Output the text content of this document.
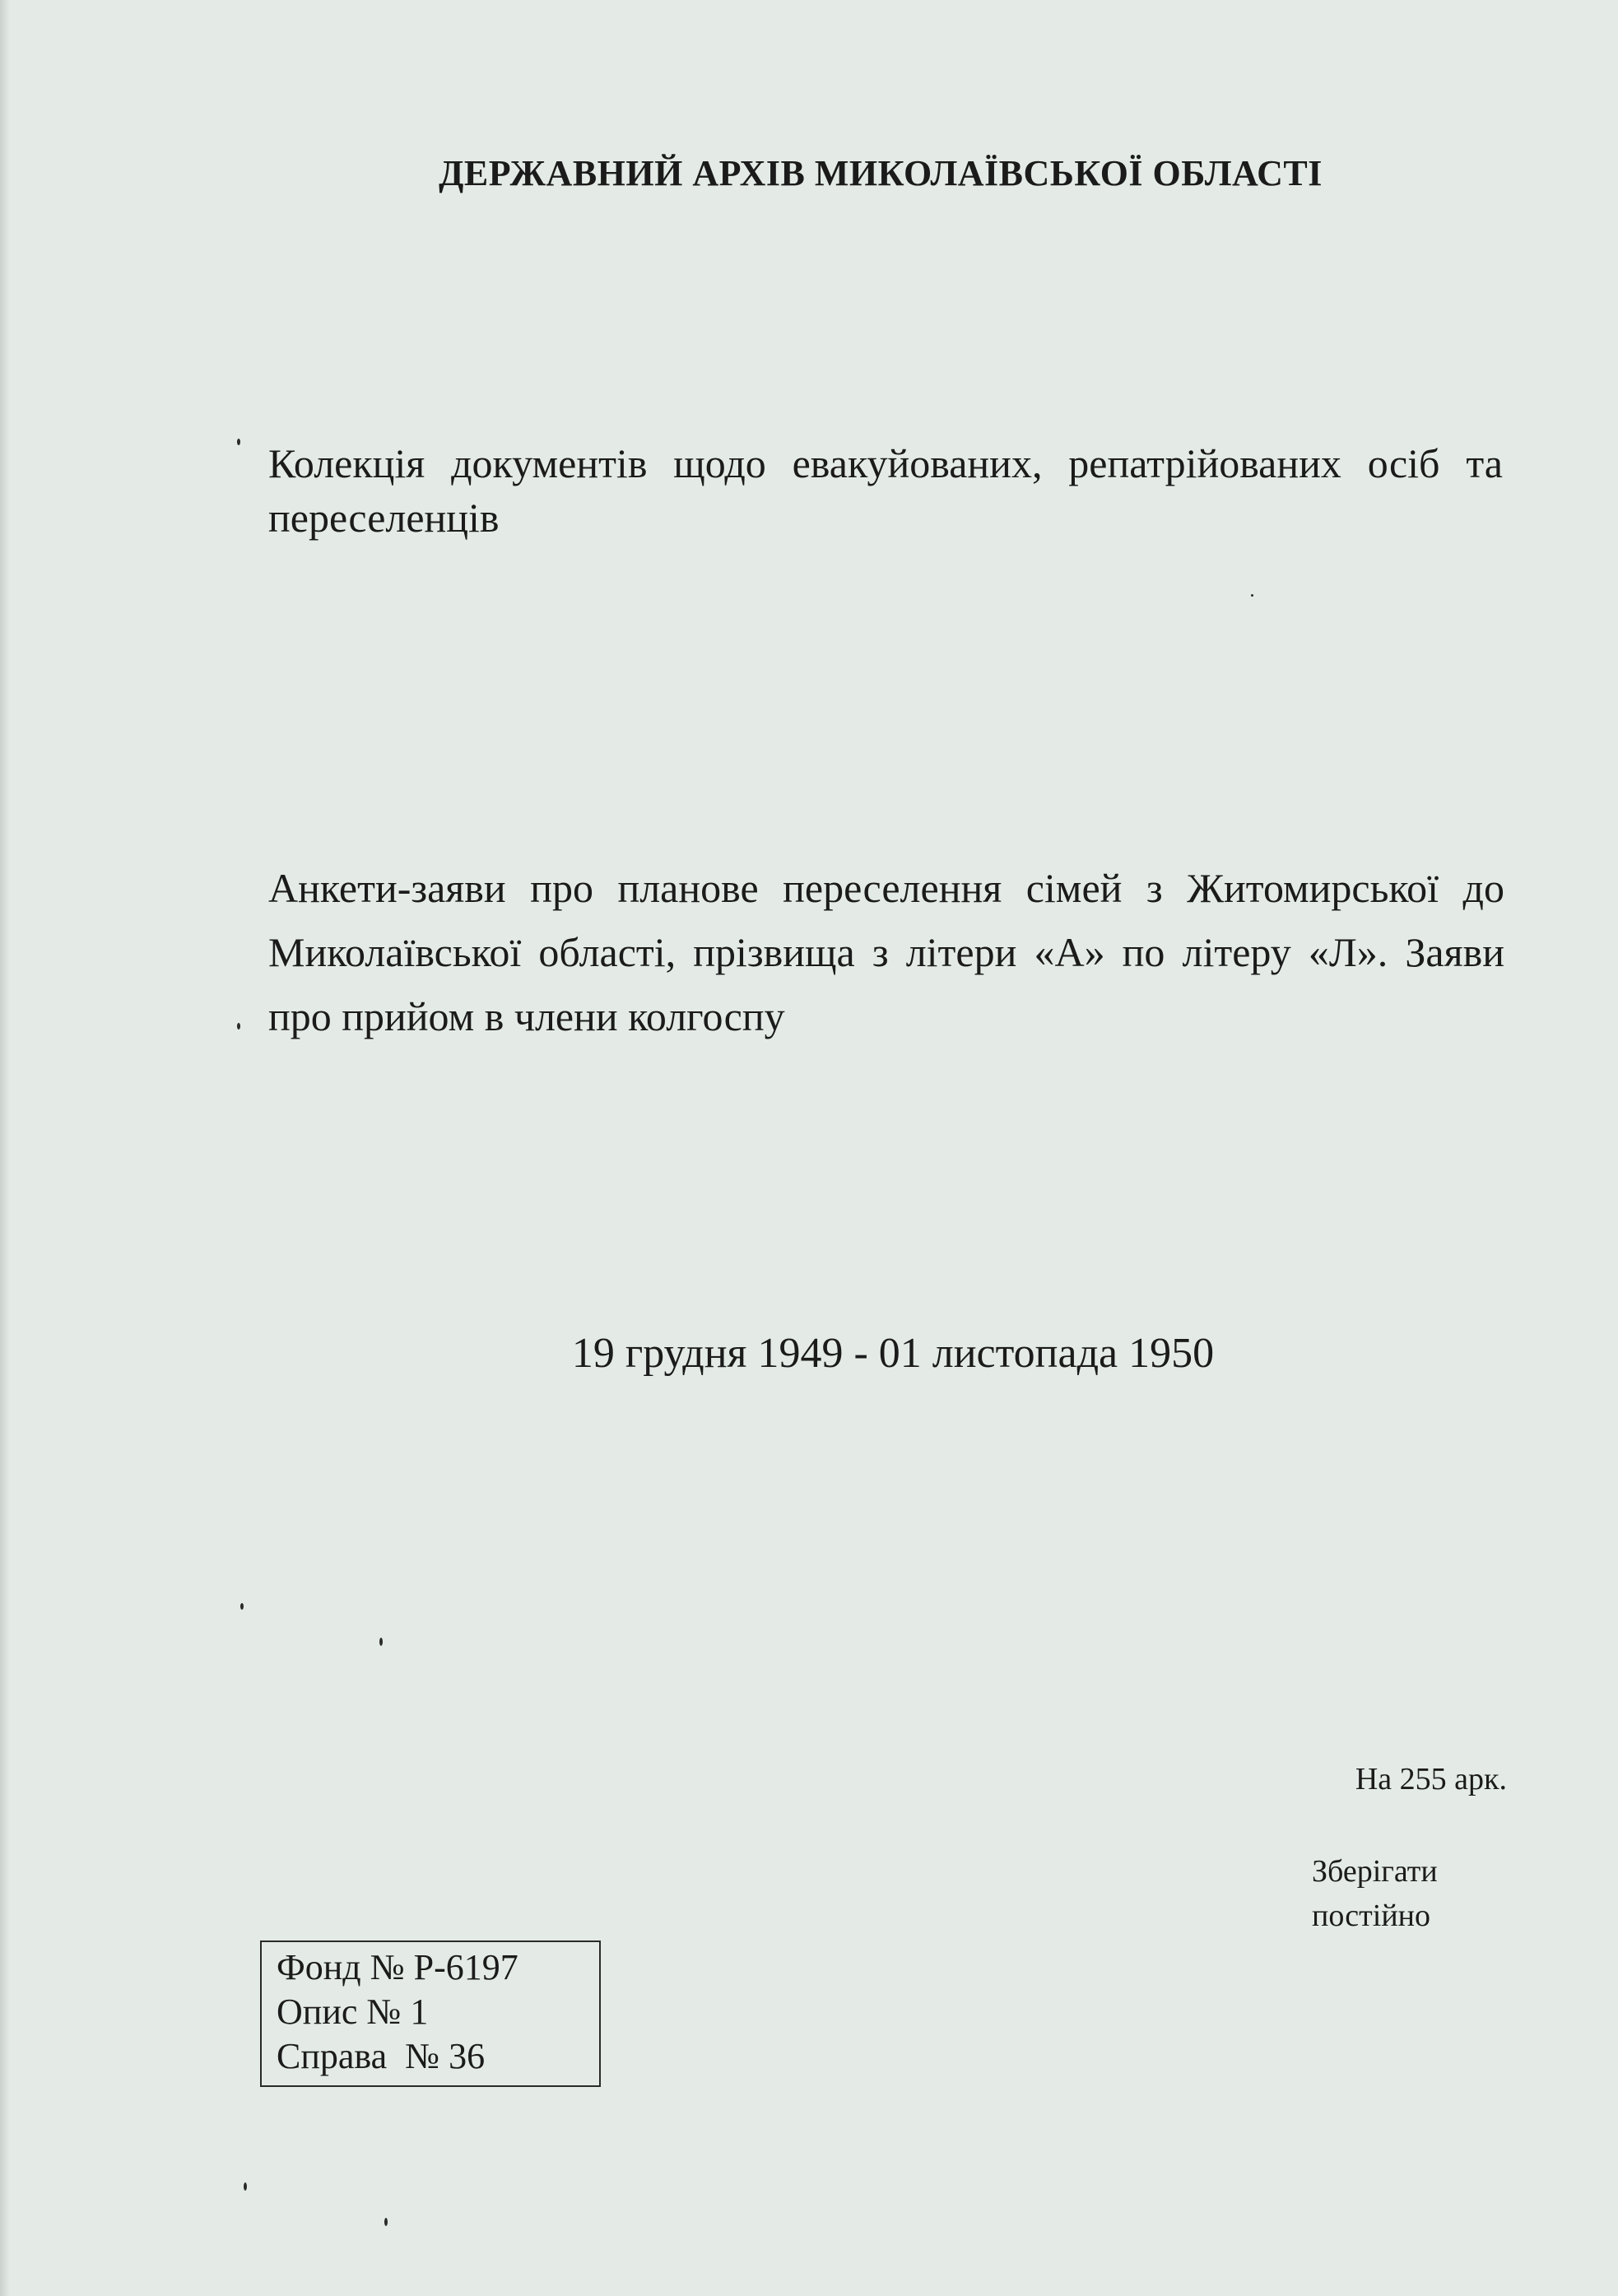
ДЕРЖАВНИЙ АРХІВ МИКОЛАЇВСЬКОЇ ОБЛАСТІ
Колекція документів щодо евакуйованих, репатрійованих осіб та переселенців
Анкети-заяви про планове переселення сімей з Житомирської до Миколаївської області, прізвища з літери «А» по літеру «Л». Заяви про прийом в члени колгоспу
19 грудня 1949 - 01 листопада 1950
На 255 арк.
Зберігати
постійно
Фонд № Р-6197
Опис № 1
Справа  № 36
